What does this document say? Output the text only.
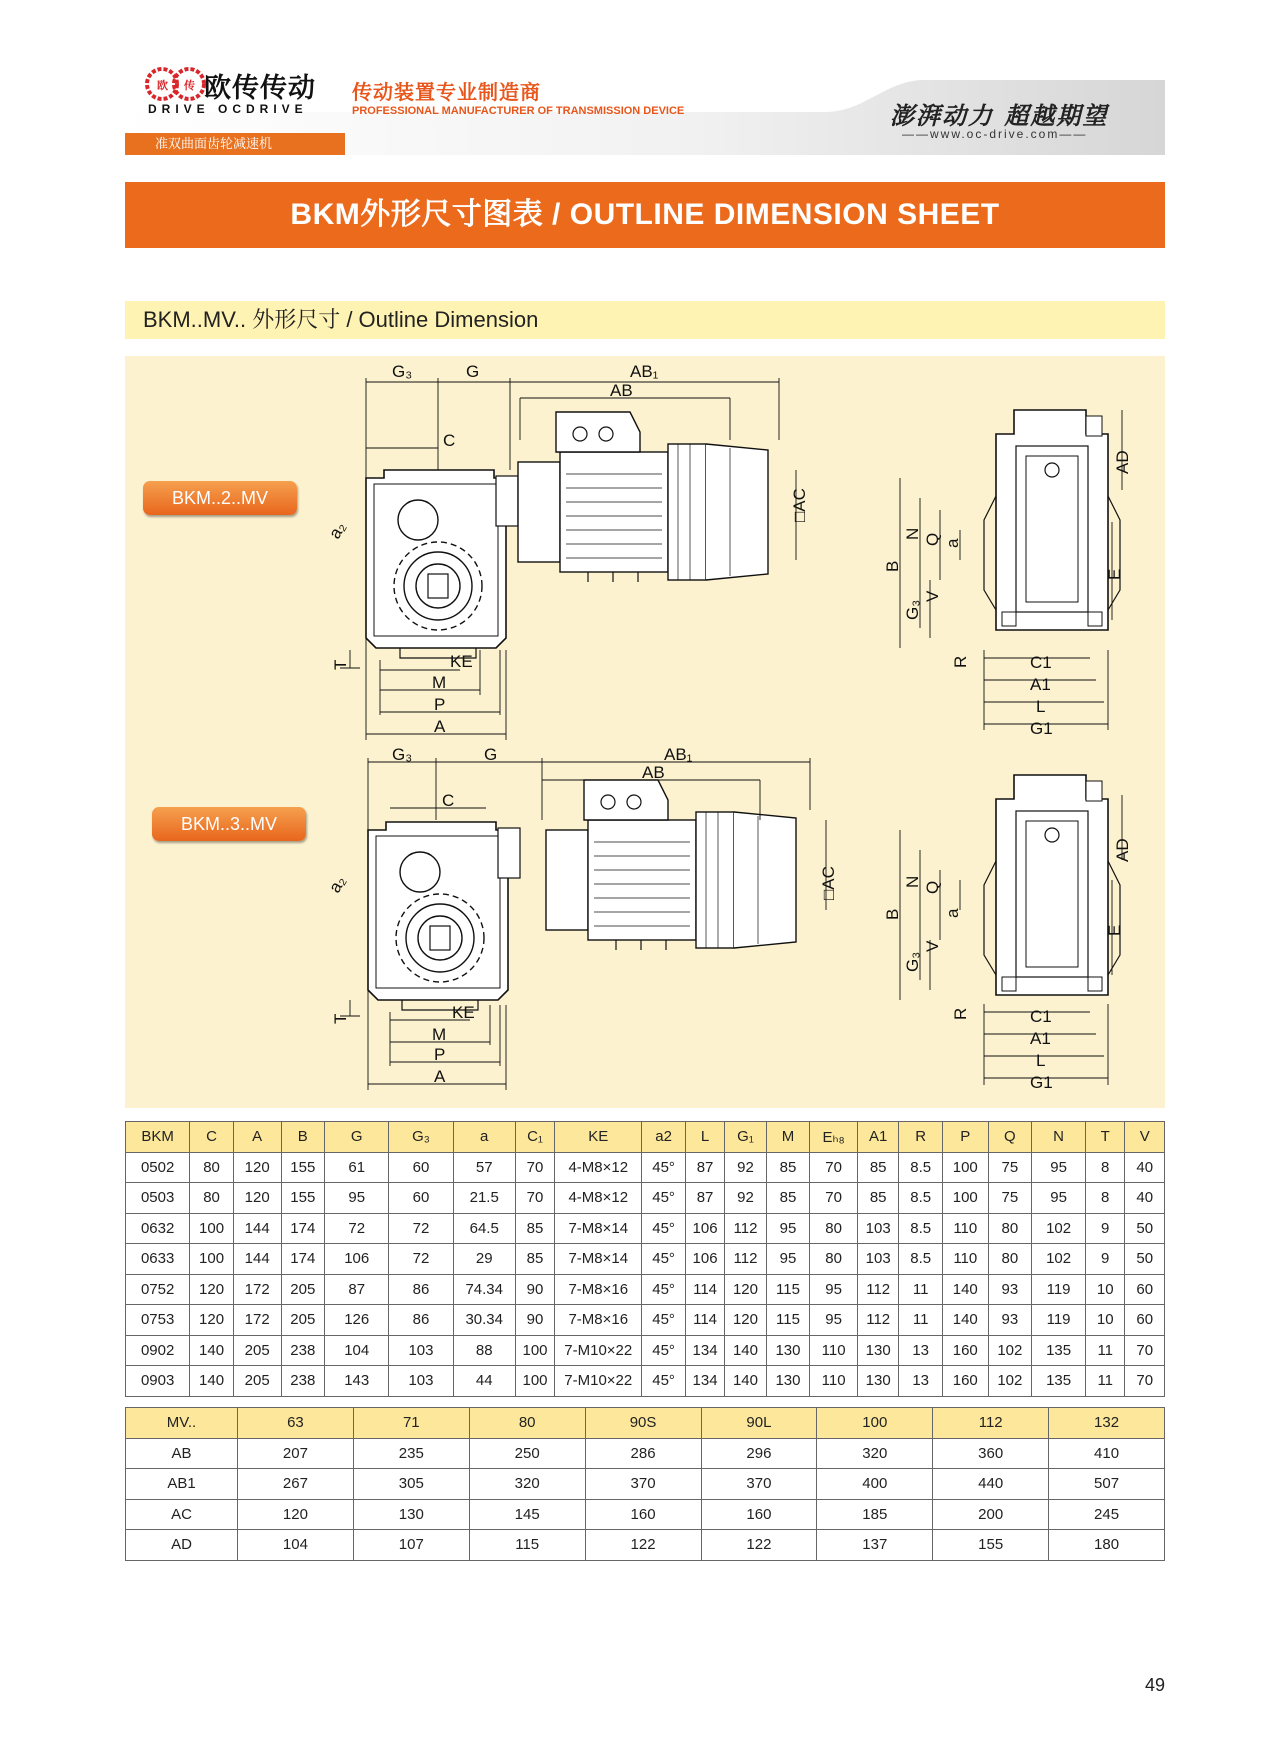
欧 传 欧传传动
DRIVE OCDRIVE
传动装置专业制造商
PROFESSIONAL MANUFACTURER OF TRANSMISSION DEVICE	澎湃动力 超越期望
——www.oc-drive.com——
准双曲面齿轮减速机
BKM外形尺寸图表 / OUTLINE DIMENSION SHEET
BKM..MV.. 外形尺寸 / Outline Dimension
G₃	G	AB₁
AB
C
□AC
a₂
T	KE
M
P
A
AD
B
N Q a
E
V
G₃
R	C1
A1
L
G1
G₃	G	AB₁
AB
C
□AC
a₂
T	KE
M
P
A
AD
B
N Q
a
E
V
G₃
R	C1
A1
L
G1
BKM..2..MV
BKM..3..MV
BKM	C	A	B	G	G₃	a	C₁	KE	a2	L	G₁	M	Eₕ₈	A1	R	P	Q	N	T	V
0502	80	120	155	61	60	57	70	4-M8×12	45°	87	92	85	70	85	8.5	100	75	95	8	40
0503	80	120	155	95	60	21.5	70	4-M8×12	45°	87	92	85	70	85	8.5	100	75	95	8	40
0632	100	144	174	72	72	64.5	85	7-M8×14	45°	106	112	95	80	103	8.5	110	80	102	9	50
0633	100	144	174	106	72	29	85	7-M8×14	45°	106	112	95	80	103	8.5	110	80	102	9	50
0752	120	172	205	87	86	74.34	90	7-M8×16	45°	114	120	115	95	112	11	140	93	119	10	60
0753	120	172	205	126	86	30.34	90	7-M8×16	45°	114	120	115	95	112	11	140	93	119	10	60
0902	140	205	238	104	103	88	100	7-M10×22	45°	134	140	130	110	130	13	160	102	135	11	70
0903	140	205	238	143	103	44	100	7-M10×22	45°	134	140	130	110	130	13	160	102	135	11	70
MV..	63	71	80	90S	90L	100	112	132
AB	207	235	250	286	296	320	360	410
AB1	267	305	320	370	370	400	440	507
AC	120	130	145	160	160	185	200	245
AD	104	107	115	122	122	137	155	180
49
